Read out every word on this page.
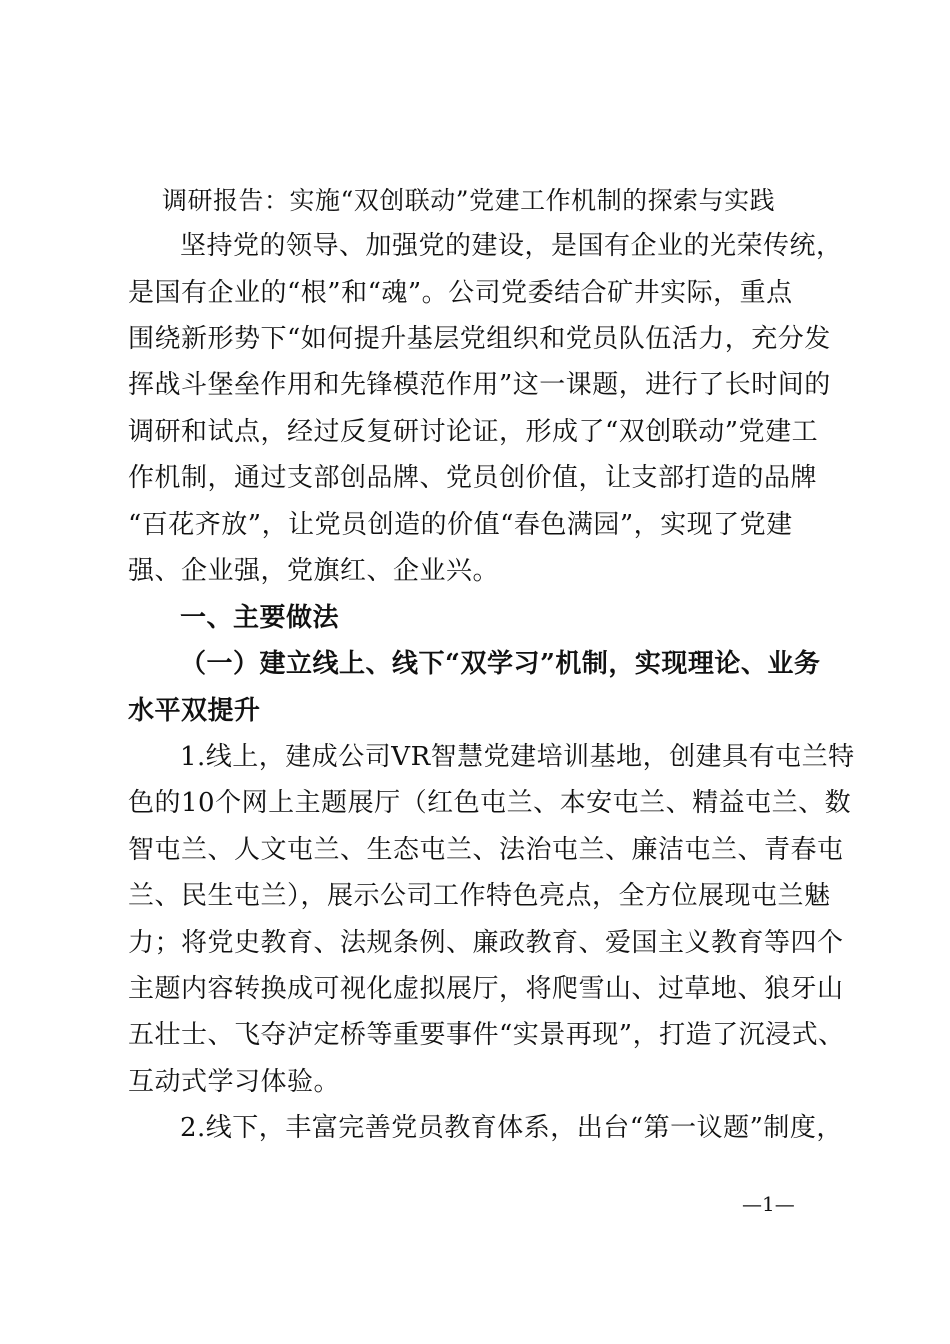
调研报告：实施“双创联动”党建工作机制的探索与实践
坚持党的领导、加强党的建设，是国有企业的光荣传统，
是国有企业的“根”和“魂”。公司党委结合矿井实际，重点
围绕新形势下“如何提升基层党组织和党员队伍活力，充分发
挥战斗堡垒作用和先锋模范作用”这一课题，进行了长时间的
调研和试点，经过反复研讨论证，形成了“双创联动”党建工
作机制，通过支部创品牌、党员创价值，让支部打造的品牌
“百花齐放”，让党员创造的价值“春色满园”，实现了党建
强、企业强，党旗红、企业兴。
一、主要做法
（一）建立线上、线下“双学习”机制，实现理论、业务
水平双提升
1.线上，建成公司VR智慧党建培训基地，创建具有屯兰特
色的10个网上主题展厅（红色屯兰、本安屯兰、精益屯兰、数
智屯兰、人文屯兰、生态屯兰、法治屯兰、廉洁屯兰、青春屯
兰、民生屯兰），展示公司工作特色亮点，全方位展现屯兰魅
力；将党史教育、法规条例、廉政教育、爱国主义教育等四个
主题内容转换成可视化虚拟展厅，将爬雪山、过草地、狼牙山
五壮士、飞夺泸定桥等重要事件“实景再现”，打造了沉浸式、
互动式学习体验。
2.线下，丰富完善党员教育体系，出台“第一议题”制度，
—1—
